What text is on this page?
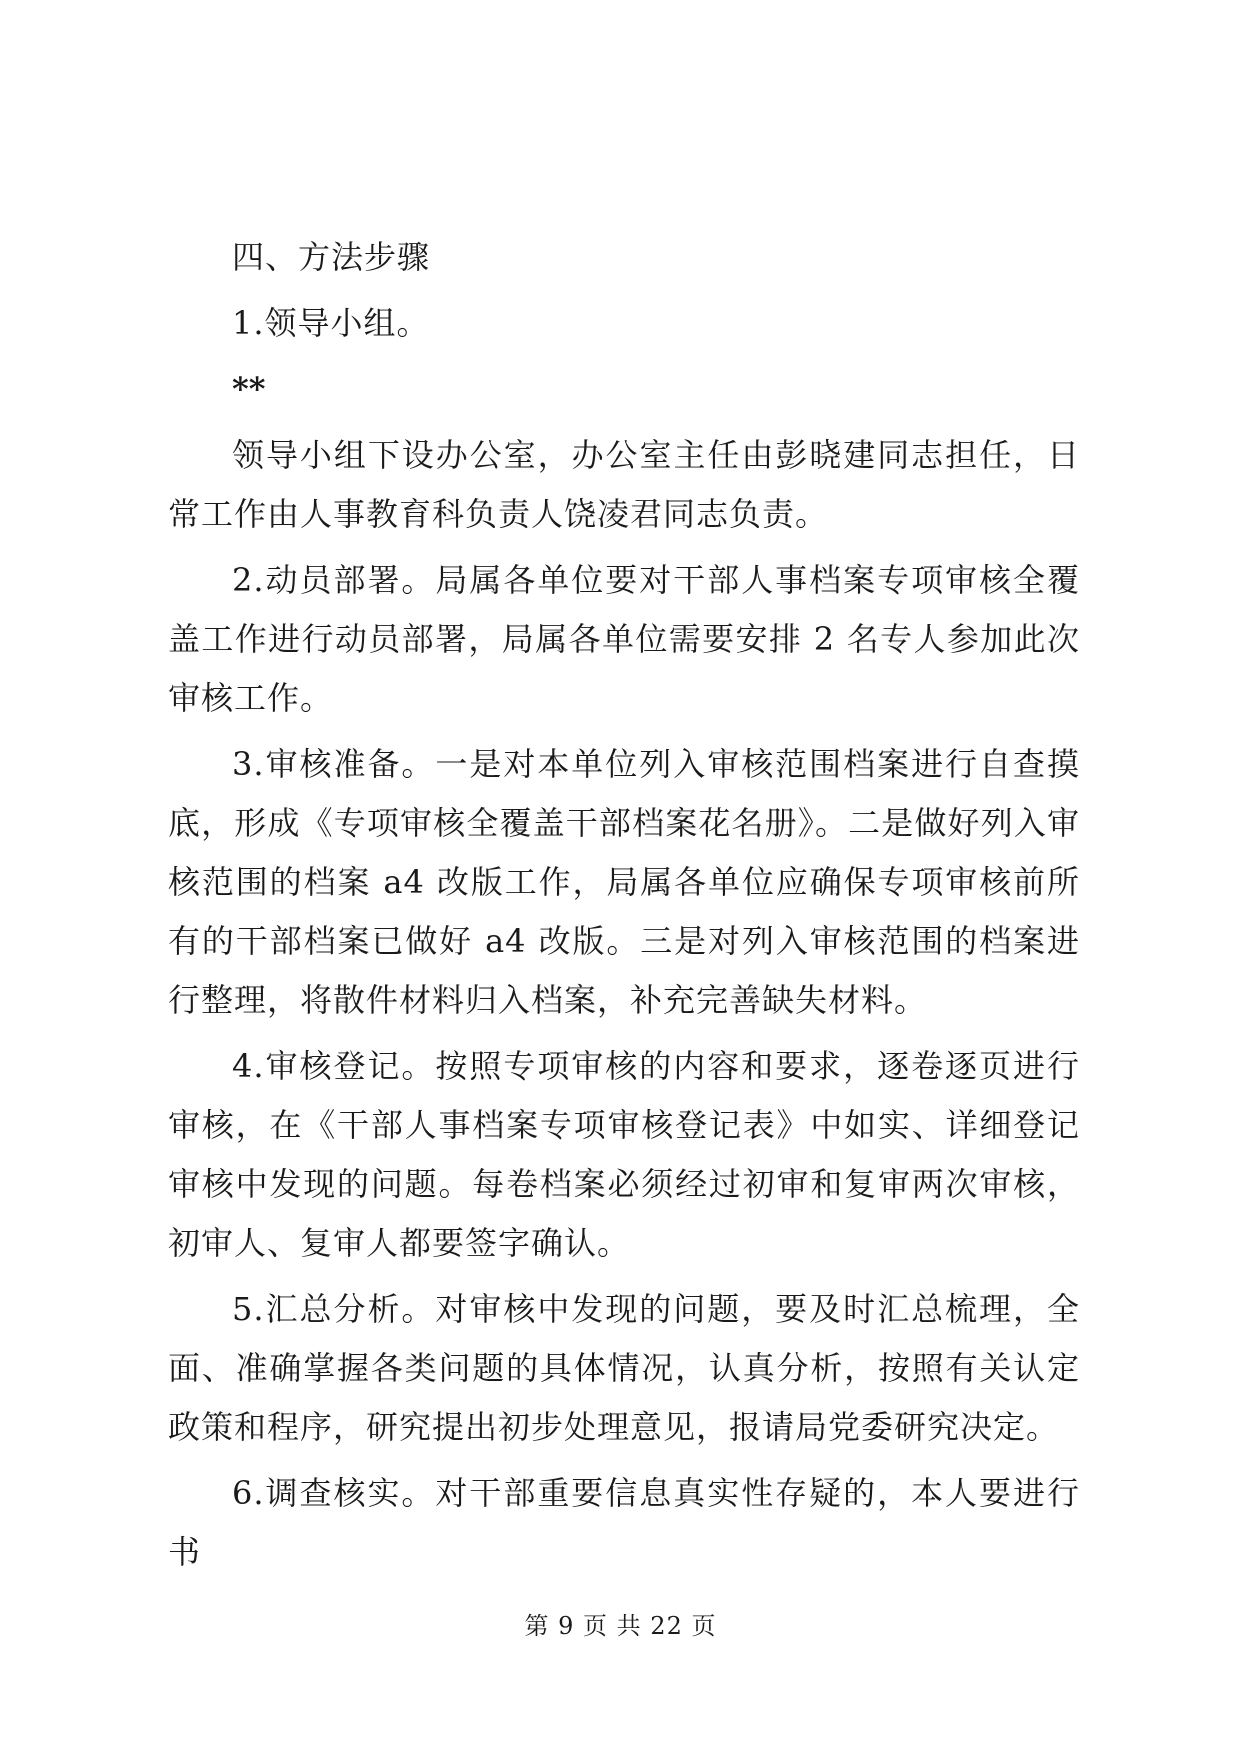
四、方法步骤

1.领导小组。

**

领导小组下设办公室，办公室主任由彭晓建同志担任，日常工作由人事教育科负责人饶凌君同志负责。

2.动员部署。局属各单位要对干部人事档案专项审核全覆盖工作进行动员部署，局属各单位需要安排 2 名专人参加此次审核工作。

3.审核准备。一是对本单位列入审核范围档案进行自查摸底，形成《专项审核全覆盖干部档案花名册》。二是做好列入审核范围的档案 a4 改版工作，局属各单位应确保专项审核前所有的干部档案已做好 a4 改版。三是对列入审核范围的档案进行整理，将散件材料归入档案，补充完善缺失材料。

4.审核登记。按照专项审核的内容和要求，逐卷逐页进行审核，在《干部人事档案专项审核登记表》中如实、详细登记审核中发现的问题。每卷档案必须经过初审和复审两次审核，初审人、复审人都要签字确认。

5.汇总分析。对审核中发现的问题，要及时汇总梳理，全面、准确掌握各类问题的具体情况，认真分析，按照有关认定政策和程序，研究提出初步处理意见，报请局党委研究决定。

6.调查核实。对干部重要信息真实性存疑的，本人要进行书

第 9 页 共 22 页
